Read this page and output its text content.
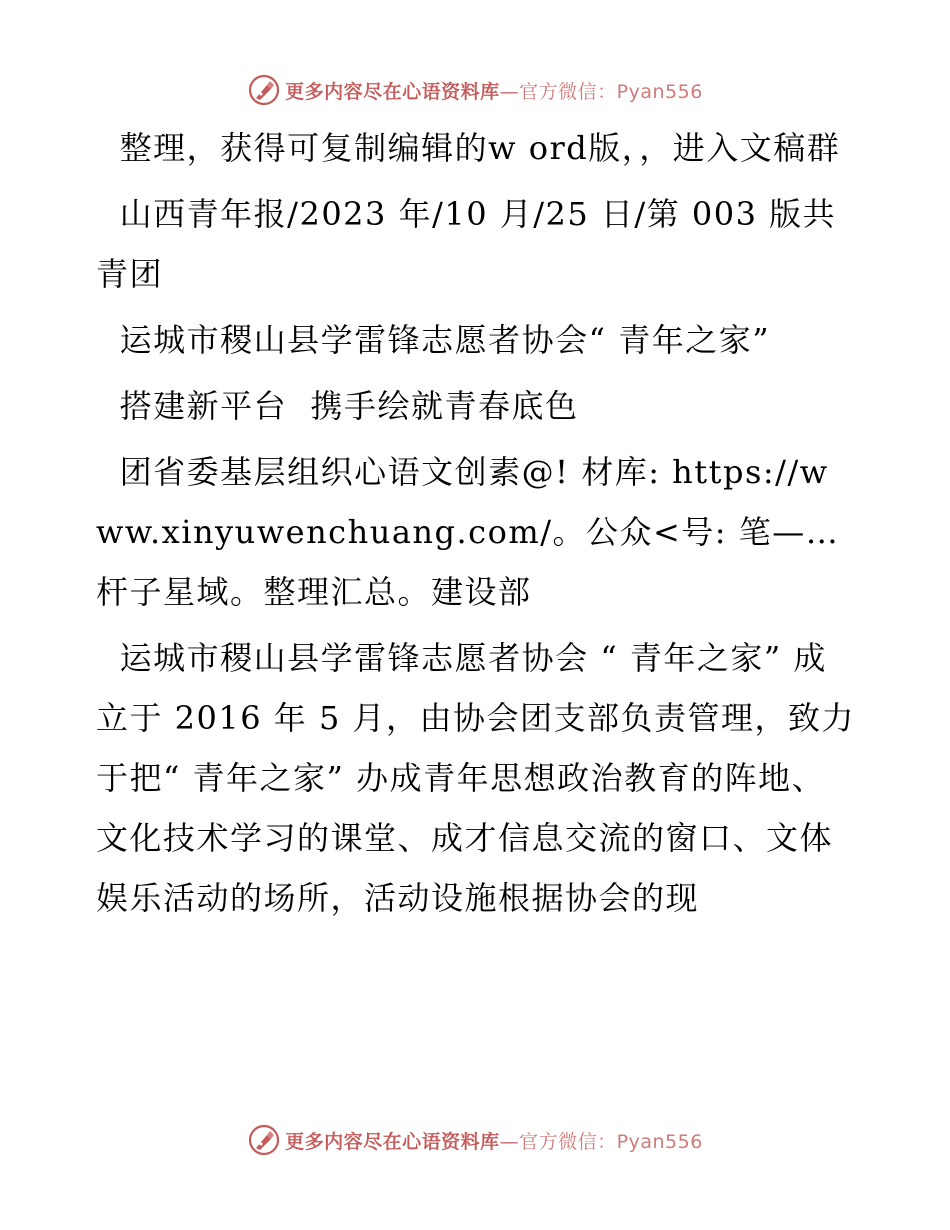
更多内容尽在心语资料库—官方微信：Pyan556

整理，获得可复制编辑的w ord版，，进入文稿群

山西青年报/2023 年/10 月/25 日/第 003 版共青团

运城市稷山县学雷锋志愿者协会“ 青年之家”

搭建新平台  携手绘就青春底色

团省委基层组织心语文创素@! 材库: https://www.xinyuwenchuang.com/。公众<号: 笔—…杆子星域。整理汇总。建设部

运城市稷山县学雷锋志愿者协会 “ 青年之家” 成立于 2016 年 5 月，由协会团支部负责管理，致力于把“ 青年之家” 办成青年思想政治教育的阵地、文化技术学习的课堂、成才信息交流的窗口、文体娱乐活动的场所，活动设施根据协会的现

更多内容尽在心语资料库—官方微信：Pyan556
